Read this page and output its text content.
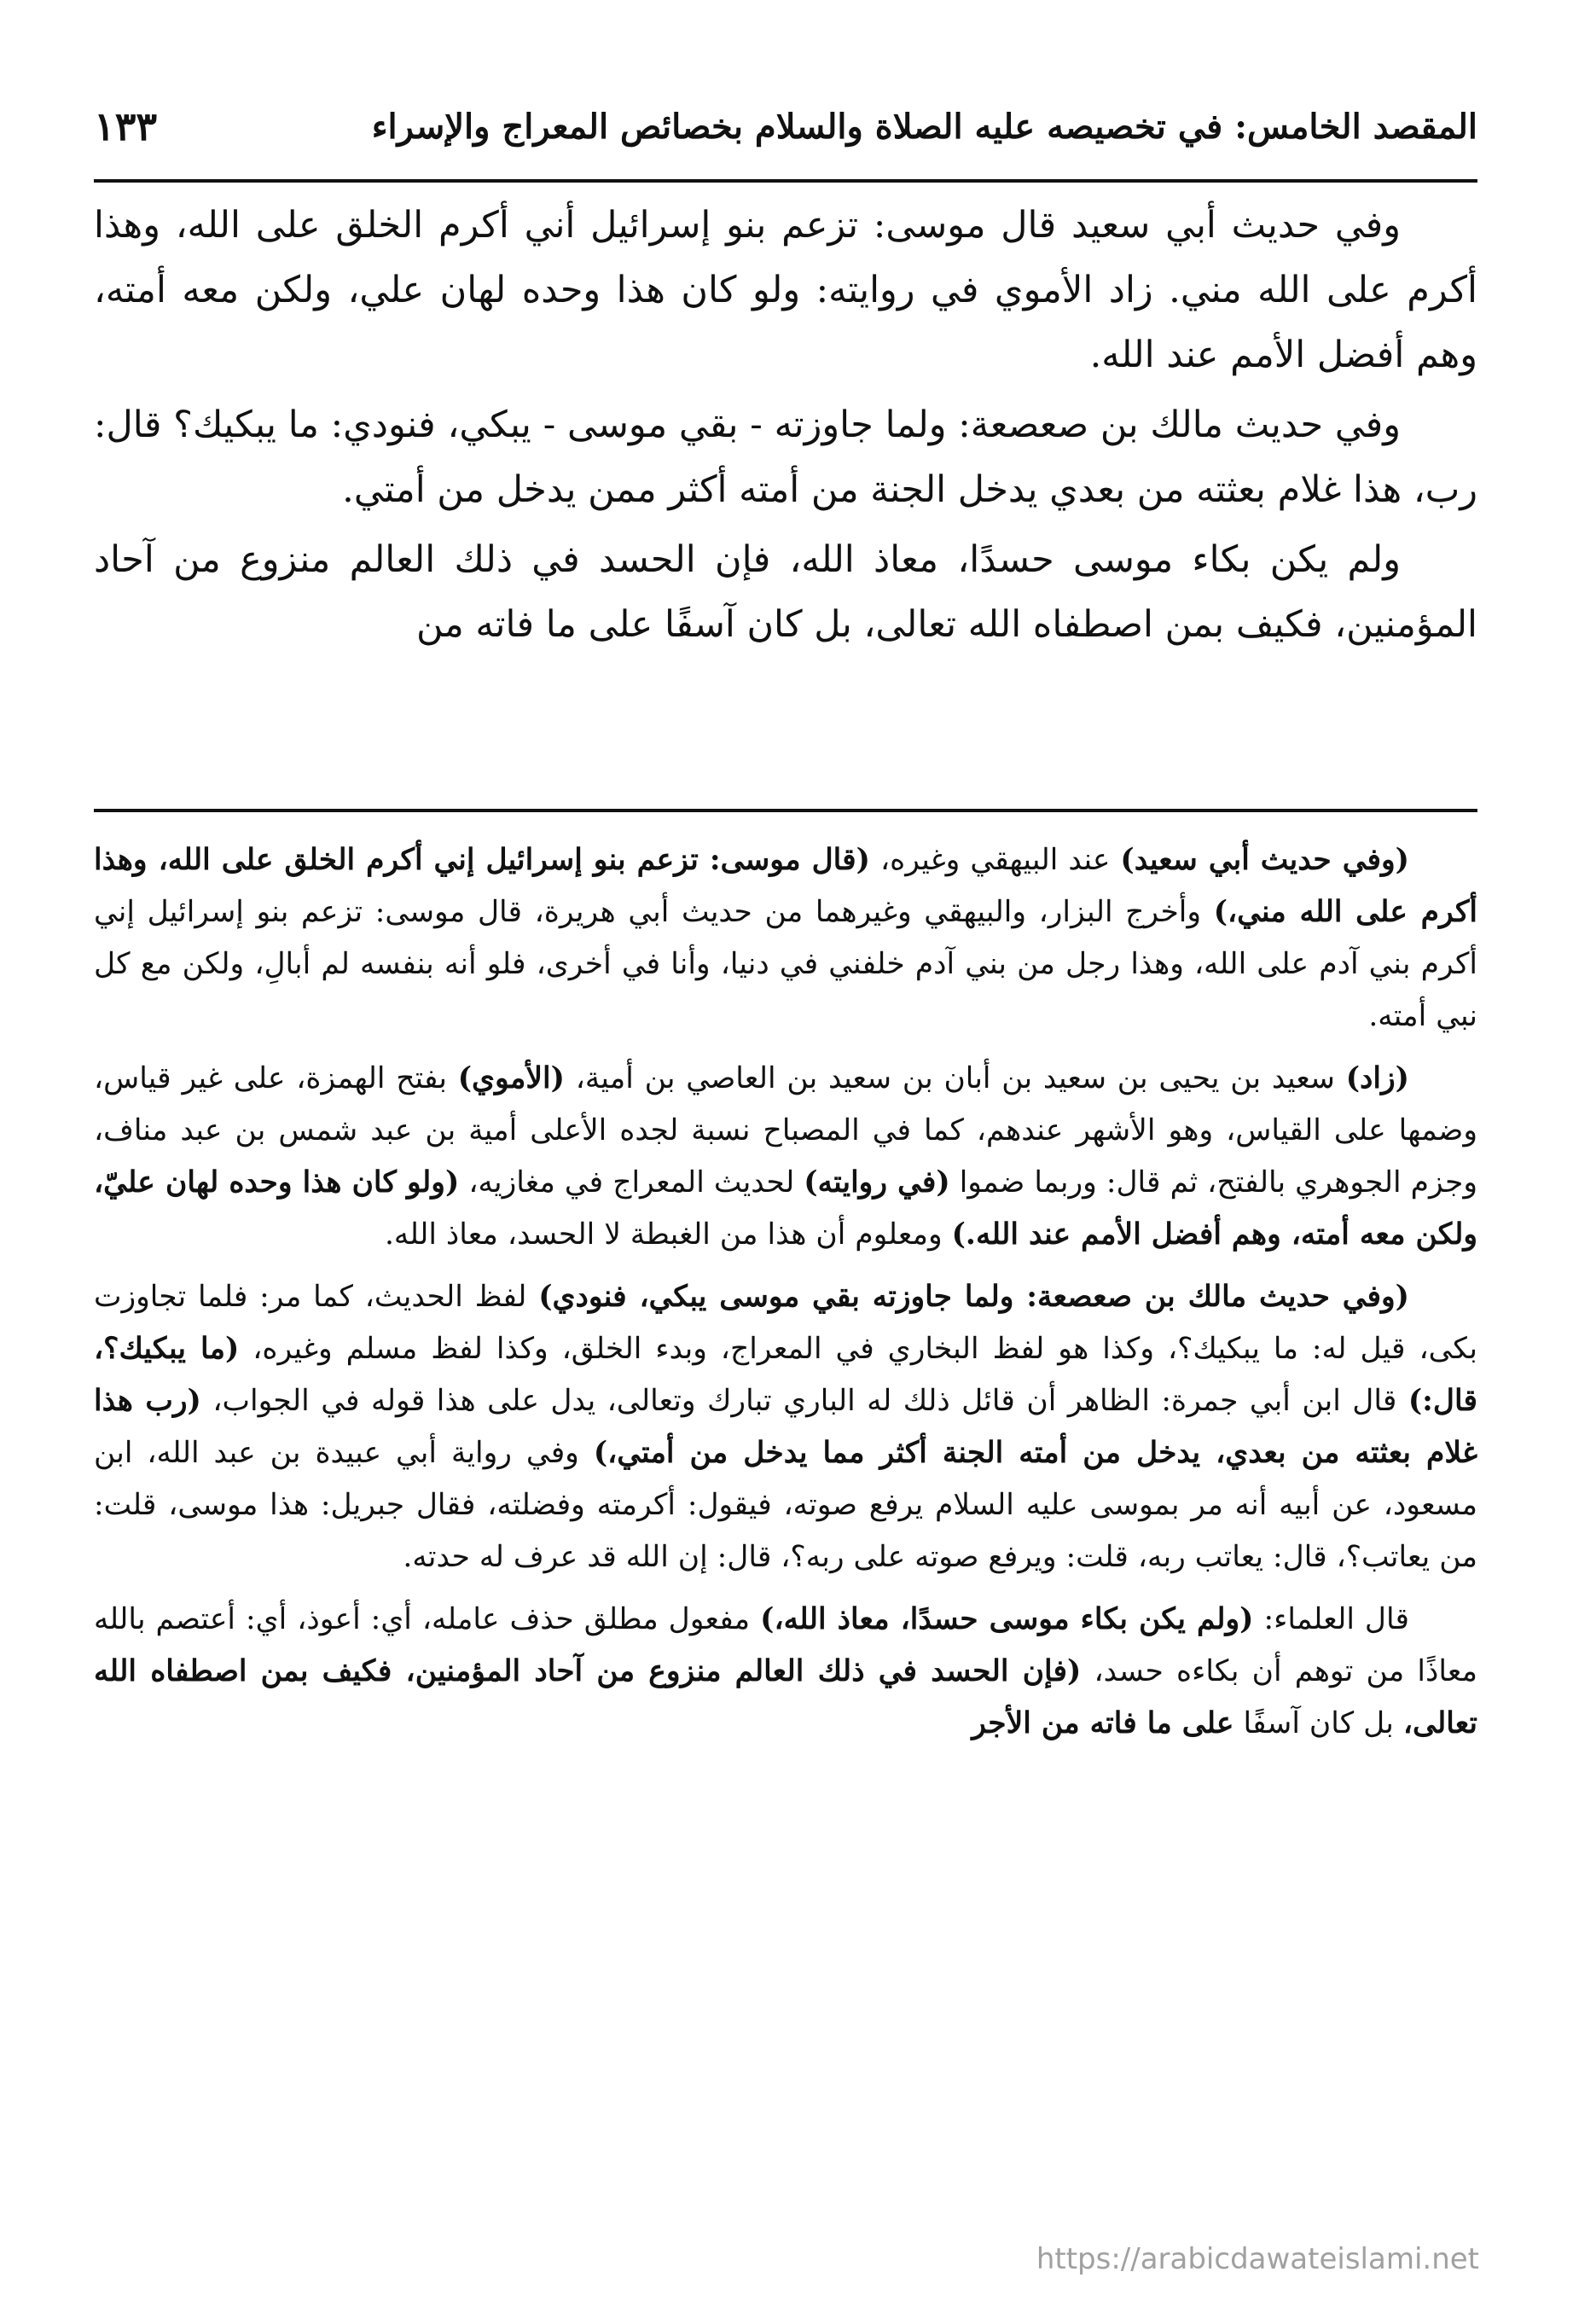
المقصد الخامس: في تخصيصه عليه الصلاة والسلام بخصائص المعراج والإسراء
١٣٣

وفي حديث أبي سعيد قال موسى: تزعم بنو إسرائيل أني أكرم الخلق على الله، وهذا أكرم على الله مني. زاد الأموي في روايته: ولو كان هذا وحده لهان علي، ولكن معه أمته، وهم أفضل الأمم عند الله.

وفي حديث مالك بن صعصعة: ولما جاوزته - بقي موسى - يبكي، فنودي: ما يبكيك؟ قال: رب، هذا غلام بعثته من بعدي يدخل الجنة من أمته أكثر ممن يدخل من أمتي.

ولم يكن بكاء موسى حسدًا، معاذ الله، فإن الحسد في ذلك العالم منزوع من آحاد المؤمنين، فكيف بمن اصطفاه الله تعالى، بل كان آسفًا على ما فاته من

(وفي حديث أبي سعيد) عند البيهقي وغيره، (قال موسى: تزعم بنو إسرائيل إني أكرم الخلق على الله، وهذا أكرم على الله مني،) وأخرج البزار، والبيهقي وغيرهما من حديث أبي هريرة، قال موسى: تزعم بنو إسرائيل إني أكرم بني آدم على الله، وهذا رجل من بني آدم خلفني في دنيا، وأنا في أخرى، فلو أنه بنفسه لم أبالِ، ولكن مع كل نبي أمته.

(زاد) سعيد بن يحيى بن سعيد بن أبان بن سعيد بن العاصي بن أمية، (الأموي) بفتح الهمزة، على غير قياس، وضمها على القياس، وهو الأشهر عندهم، كما في المصباح نسبة لجده الأعلى أمية بن عبد شمس بن عبد مناف، وجزم الجوهري بالفتح، ثم قال: وربما ضموا (في روايته) لحديث المعراج في مغازيه، (ولو كان هذا وحده لهان عليّ، ولكن معه أمته، وهم أفضل الأمم عند الله.) ومعلوم أن هذا من الغبطة لا الحسد، معاذ الله.

(وفي حديث مالك بن صعصعة: ولما جاوزته بقي موسى يبكي، فنودي) لفظ الحديث، كما مر: فلما تجاوزت بكى، قيل له: ما يبكيك؟، وكذا هو لفظ البخاري في المعراج، وبدء الخلق، وكذا لفظ مسلم وغيره، (ما يبكيك؟، قال:) قال ابن أبي جمرة: الظاهر أن قائل ذلك له الباري تبارك وتعالى، يدل على هذا قوله في الجواب، (رب هذا غلام بعثته من بعدي، يدخل من أمته الجنة أكثر مما يدخل من أمتي،) وفي رواية أبي عبيدة بن عبد الله، ابن مسعود، عن أبيه أنه مر بموسى عليه السلام يرفع صوته، فيقول: أكرمته وفضلته، فقال جبريل: هذا موسى، قلت: من يعاتب؟، قال: يعاتب ربه، قلت: ويرفع صوته على ربه؟، قال: إن الله قد عرف له حدته.

قال العلماء: (ولم يكن بكاء موسى حسدًا، معاذ الله،) مفعول مطلق حذف عامله، أي: أعوذ، أي: أعتصم بالله معاذًا من توهم أن بكاءه حسد، (فإن الحسد في ذلك العالم منزوع من آحاد المؤمنين، فكيف بمن اصطفاه الله تعالى، بل كان آسفًا على ما فاته من الأجر

https://arabicdawateislami.net
